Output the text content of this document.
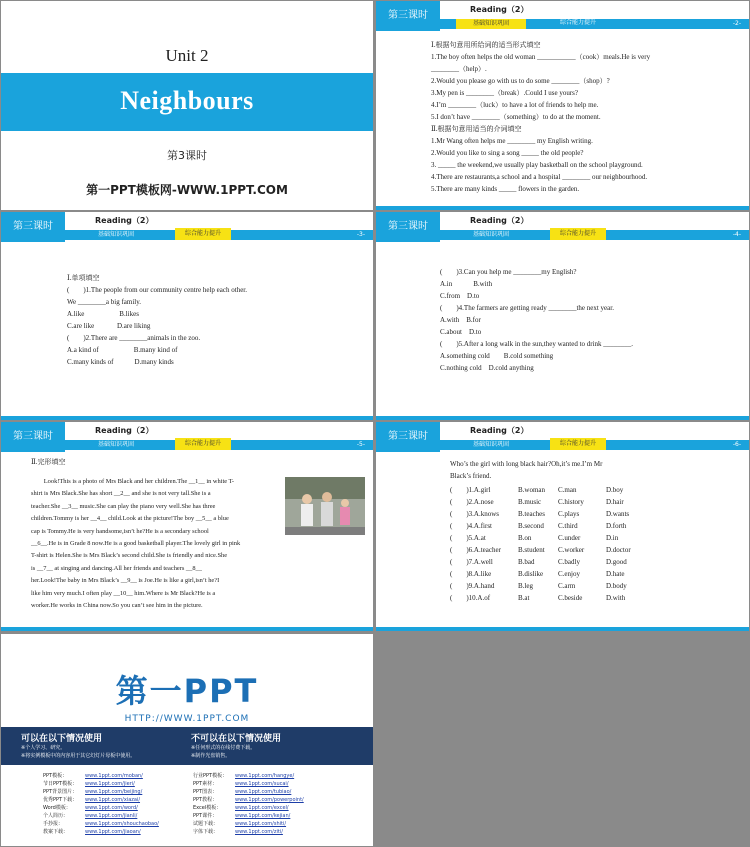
Unit 2
Neighbours
第3课时
第一PPT模板网-WWW.1PPT.COM
第三课时
Reading（2）
基础知识巩固	综合能力提升	-2-
Ⅰ.根据句意用所给词的适当形式填空
1.The boy often helps the old woman ___________（cook）meals.He is very
________（help）.
2.Would you please go with us to do some ________（shop）?
3.My pen is ________（break）.Could I use yours?
4.I’m ________（luck）to have a lot of friends to help me.
5.I don’t have ________（something）to do at the moment.
Ⅱ.根据句意用适当的介词填空
1.Mr Wang often helps me ________ my English writing.
2.Would you like to sing a song _____ the old people?
3. _____ the weekend,we usually play basketball on the school playground.
4.There are restaurants,a school and a hospital ________ our neighbourhood.
5.There are many kinds _____ flowers in the garden.
第三课时
Reading（2）
基础知识巩固	综合能力提升	-3-
Ⅰ.单项填空
(　　)1.The people from our community centre help each other.
We ________a big family.
A.like　　　　　B.likes
C.are like　　　 D.are liking
(　　)2.There are ________animals in the zoo.
A.a kind of　　　　　B.many kind of
C.many kinds of　　　D.many kinds
第三课时
Reading（2）
基础知识巩固	综合能力提升	-4-
(　　)3.Can you help me ________my English?
A.in　　　B.with
C.from　D.to
(　　)4.The farmers are getting ready ________the next year.
A.with　B.for
C.about　D.to
(　　)5.After a long walk in the sun,they wanted to drink ________.
A.something cold　　B.cold something
C.nothing cold　D.cold anything
第三课时
Reading（2）
基础知识巩固	综合能力提升	-5-
Ⅱ.完形填空
　　Look!This is a photo of Mrs Black and her children.The __1__ in white T-
shirt is Mrs Black.She has short __2__ and she is not very tall.She is a
teacher.She __3__ music.She can play the piano very well.She has three
children.Tommy is her __4__ child.Look at the picture!The boy __5__ a blue
cap is Tommy.He is very handsome,isn’t he?He is a secondary school
__6__.He is in Grade 8 now.He is a good basketball player.The lovely girl in pink
T-shirt is Helen.She is Mrs Black’s second child.She is friendly and nice.She
is __7__ at singing and dancing.All her friends and teachers __8__
her.Look!The baby in Mrs Black’s __9__ is Joe.He is like a girl,isn’t he?I
like him very much.I often play __10__ him.Where is Mr Black?He is a
worker.He works in China now.So you can’t see him in the picture.
第三课时
Reading（2）
基础知识巩固	综合能力提升	-6-
Who’s the girl with long black hair?Oh,it’s me.I’m Mr
Black’s friend.
(　　)1.A.girl	B.woman	C.man	D.boy
(　　)2.A.nose	B.music	C.history	D.hair
(　　)3.A.knows	B.teaches	C.plays	D.wants
(　　)4.A.first	B.second	C.third	D.forth
(　　)5.A.at	B.on	C.under	D.in
(　　)6.A.teacher	B.student	C.worker	D.doctor
(　　)7.A.well	B.bad	C.badly	D.good
(　　)8.A.like	B.dislike	C.enjoy	D.hate
(　　)9.A.hand	B.leg	C.arm	D.body
(　　)10.A.of	B.at	C.beside	D.with
第一PPT
HTTP://WWW.1PPT.COM
可以在以下情况使用
※个人学习、研究。
※将实例模板中的内容用于其它幻灯片母板中使用。
不可以在以下情况使用
※任何形式的在线付费下载。
※制作光盘销售。
PPT模板：	www.1ppt.com/moban/
节日PPT模板： www.1ppt.com/jieri/
PPT背景图片： www.1ppt.com/beijing/
优秀PPT下载： www.1ppt.com/xiazai/
Word模板：	www.1ppt.com/word/
个人简历：	www.1ppt.com/jianli/
手抄报：	www.1ppt.com/shouchaobao/
教案下载：	www.1ppt.com/jiaoan/
行业PPT模板： www.1ppt.com/hangye/
PPT素材：	www.1ppt.com/sucai/
PPT图表：	www.1ppt.com/tubiao/
PPT教程：	www.1ppt.com/powerpoint/
Excel模板：	www.1ppt.com/excel/
PPT课件：	www.1ppt.com/kejian/
试题下载：	www.1ppt.com/shiti/
字体下载：	www.1ppt.com/ziti/
